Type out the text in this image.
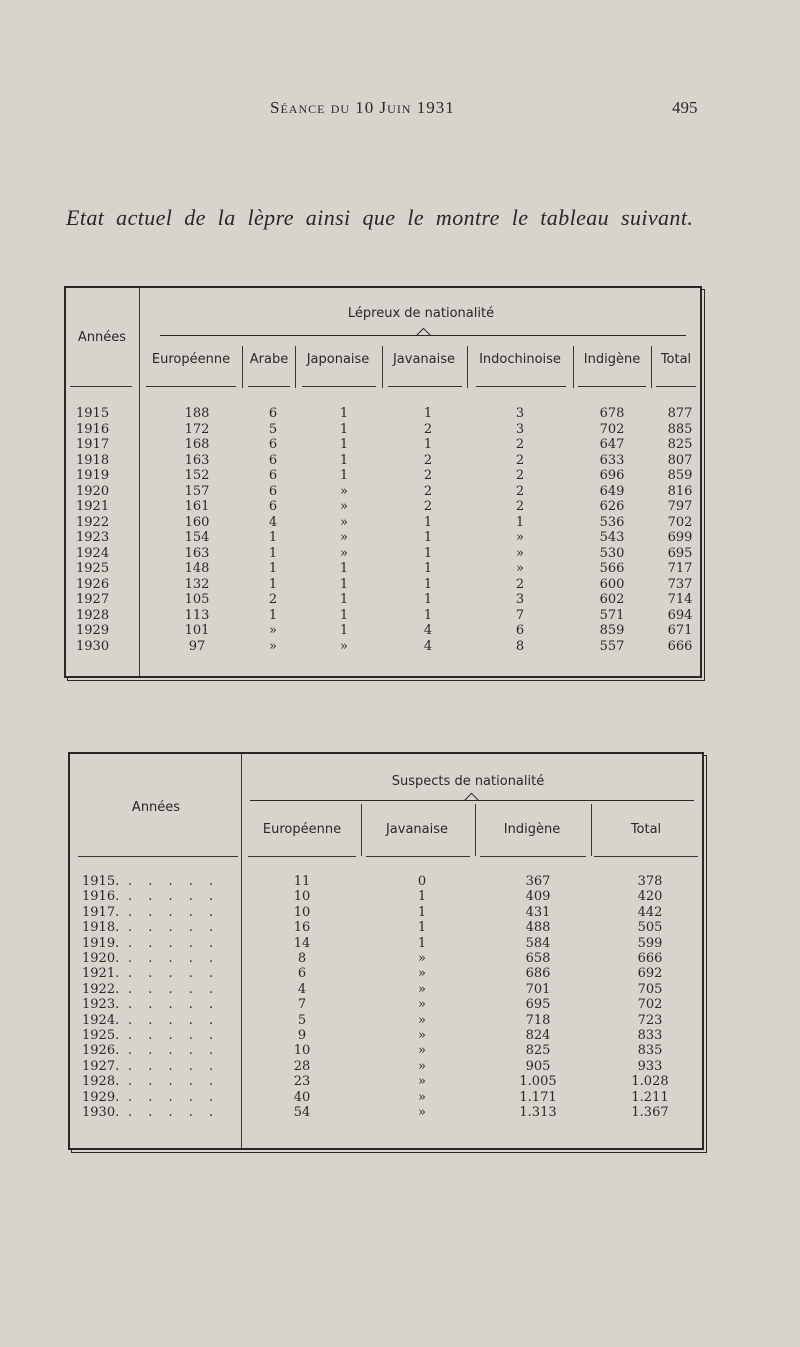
Séance du 10 Juin 1931	495
Etat actuel de la lèpre ainsi que le montre le tableau suivant.
Années
Lépreux de nationalité
Européenne Arabe Japonaise Javanaise Indochinoise Indigène Total
1915	188	6	1	1	3	678	877
1916	172	5	1	2	3	702	885
1917	168	6	1	1	2	647	825
1918	163	6	1	2	2	633	807
1919	152	6	1	2	2	696	859
1920	157	6	»	2	2	649	816
1921	161	6	»	2	2	626	797
1922	160	4	»	1	1	536	702
1923	154	1	»	1	»	543	699
1924	163	1	»	1	»	530	695
1925	148	1	1	1	»	566	717
1926	132	1	1	1	2	600	737
1927	105	2	1	1	3	602	714
1928	113	1	1	1	7	571	694
1929	101	»	1	4	6	859	671
1930	97	»	»	4	8	557	666
Années
Suspects de nationalité
Européenne	Javanaise	Indigène	Total
1915.	11	0	367	378
. . . . .
1916.	10	1	409	420
. . . . .
1917.	10	1	431	442
. . . . .
1918.	16	1	488	505
. . . . .
1919.	14	1	584	599
. . . . .
1920.	8	»	658	666
. . . . .
1921.	6	»	686	692
. . . . .
1922.	4	»	701	705
. . . . .
1923.	7	»	695	702
. . . . .
1924.	5	»	718	723
. . . . .
1925.	9	»	824	833
. . . . .
1926.	10	»	825	835
. . . . .
1927.	28	»	905	933
. . . . .
1928.	23	»	1.005	1.028
. . . . .
1929.	40	»	1.171	1.211
. . . . .
1930.	54	»	1.313	1.367
. . . . .
